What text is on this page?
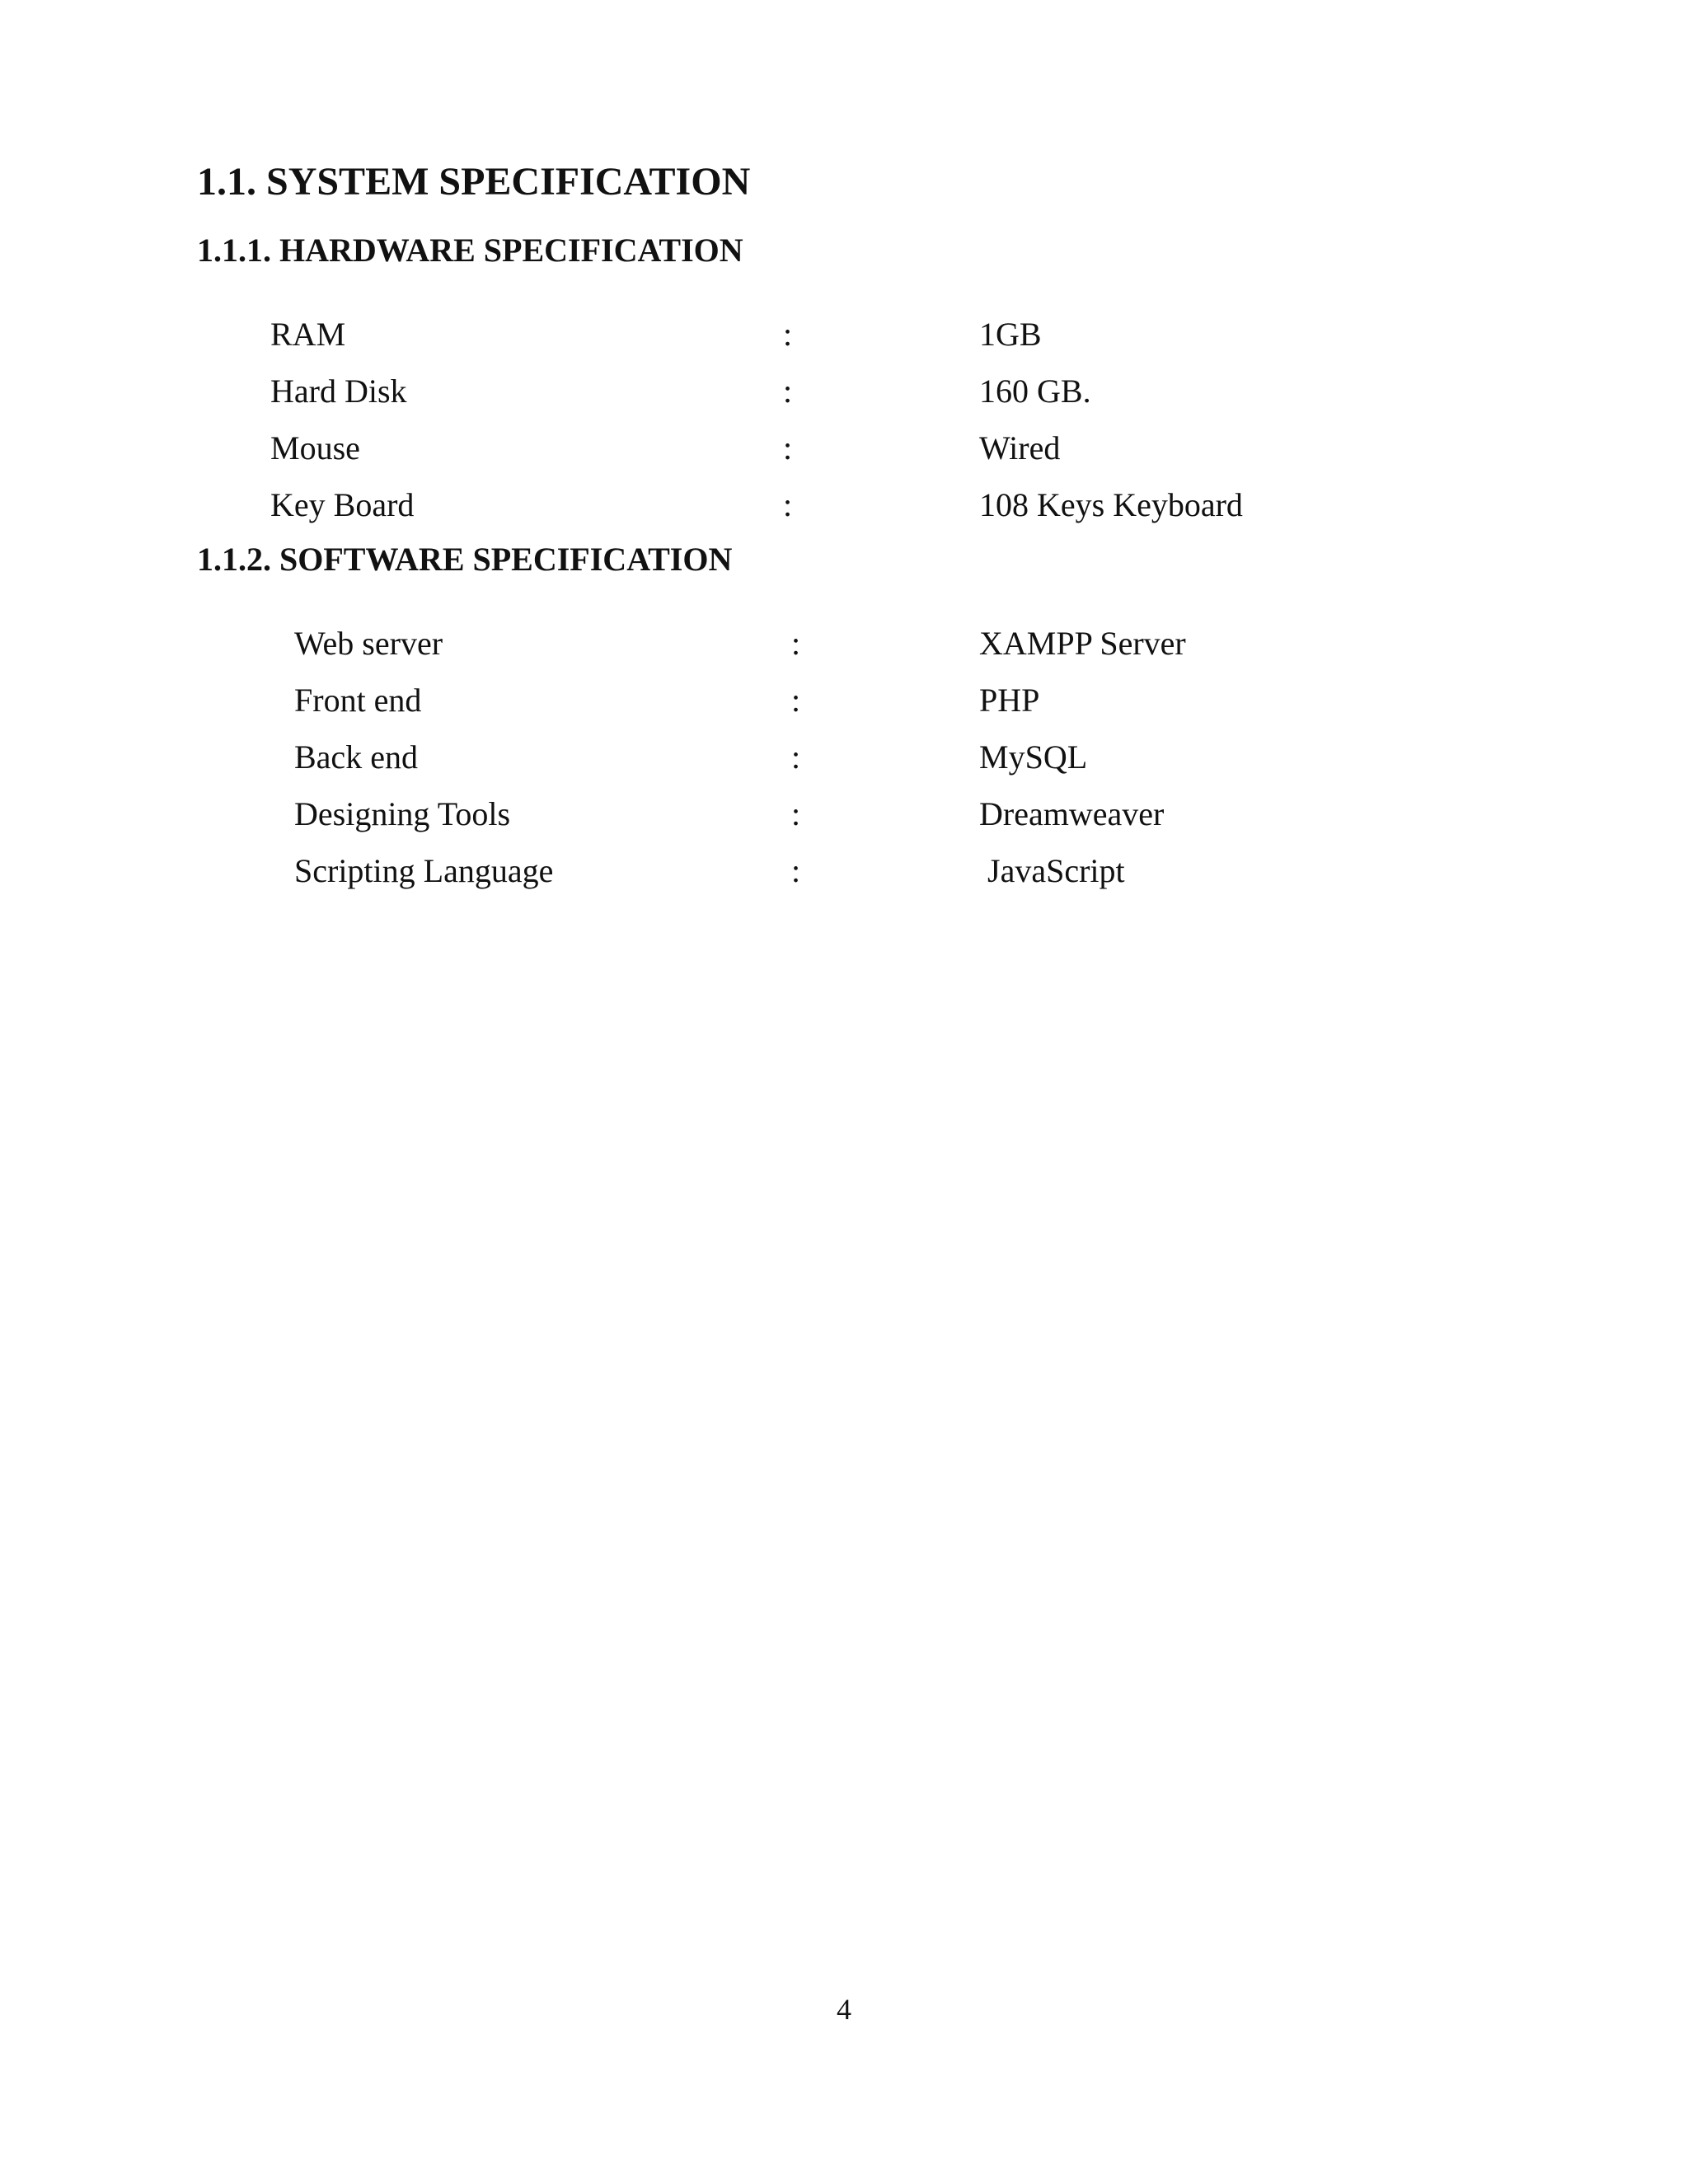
1.1. SYSTEM SPECIFICATION
1.1.1. HARDWARE SPECIFICATION
RAM	:	1GB
Hard Disk	:	160 GB.
Mouse	:	Wired
Key Board	:	108 Keys Keyboard
1.1.2. SOFTWARE SPECIFICATION
Web server	:	XAMPP Server
Front end	:	PHP
Back end	:	MySQL
Designing Tools	:	Dreamweaver
Scripting Language	:	JavaScript
4
